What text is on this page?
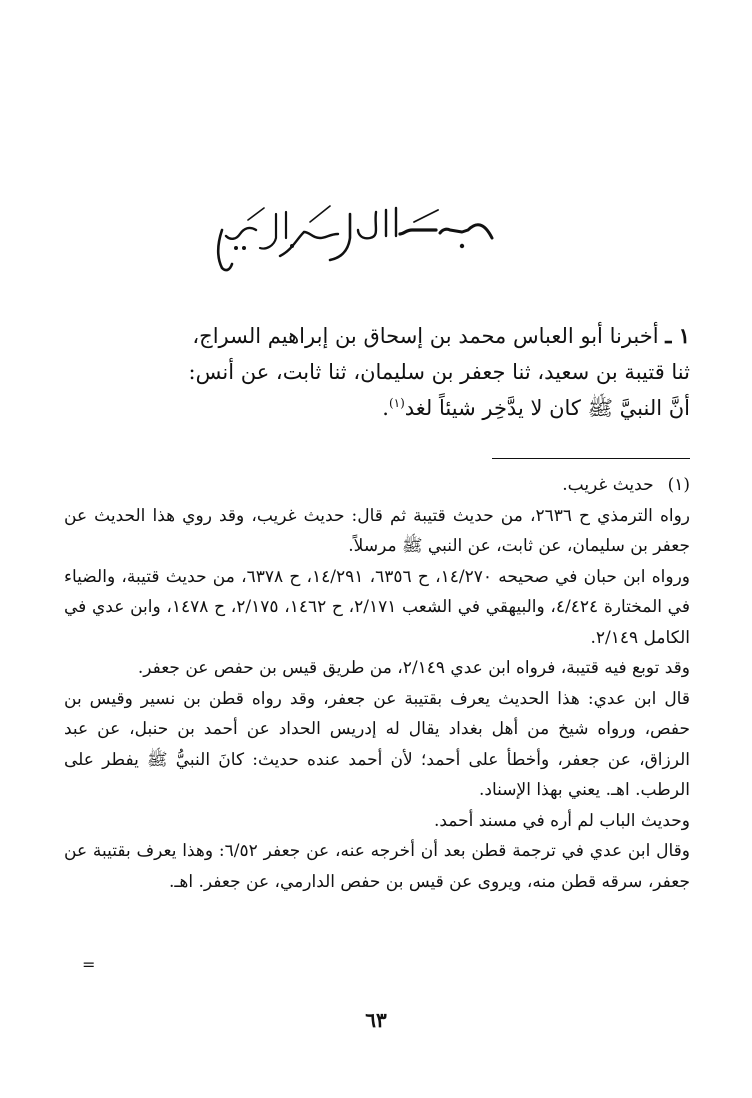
١ ـ أخبرنا أبو العباس محمد بن إسحاق بن إبراهيم السراج،

ثنا قتيبة بن سعيد، ثنا جعفر بن سليمان، ثنا ثابت، عن أنس:

أنَّ النبيَّ ﷺ كان لا يدَّخِر شيئاً لغد$^{(١)}$.

(١)
حديث غريب.

رواه الترمذي ح ٢٦٣٦، من حديث قتيبة ثم قال: حديث غريب، وقد روي هذا الحديث عن جعفر بن سليمان، عن ثابت، عن النبي ﷺ مرسلاً.

ورواه ابن حبان في صحيحه ١٤/٢٧٠، ح ٦٣٥٦، ١٤/٢٩١، ح ٦٣٧٨، من حديث قتيبة، والضياء في المختارة ٤/٤٢٤، والبيهقي في الشعب ٢/١٧١، ح ١٤٦٢، ٢/١٧٥، ح ١٤٧٨، وابن عدي في الكامل ٢/١٤٩.

وقد توبع فيه قتيبة، فرواه ابن عدي ٢/١٤٩، من طريق قيس بن حفص عن جعفر.

قال ابن عدي: هذا الحديث يعرف بقتيبة عن جعفر، وقد رواه قطن بن نسير وقيس بن حفص، ورواه شيخ من أهل بغداد يقال له إدريس الحداد عن أحمد بن حنبل، عن عبد الرزاق، عن جعفر، وأخطأ على أحمد؛ لأن أحمد عنده حديث: كانَ النبيُّ ﷺ يفطر على الرطب. اهـ. يعني بهذا الإسناد.

وحديث الباب لم أره في مسند أحمد.

وقال ابن عدي في ترجمة قطن بعد أن أخرجه عنه، عن جعفر ٦/٥٢: وهذا يعرف بقتيبة عن جعفر، سرقه قطن منه، ويروى عن قيس بن حفص الدارمي، عن جعفر. اهـ.

=
٦٣
